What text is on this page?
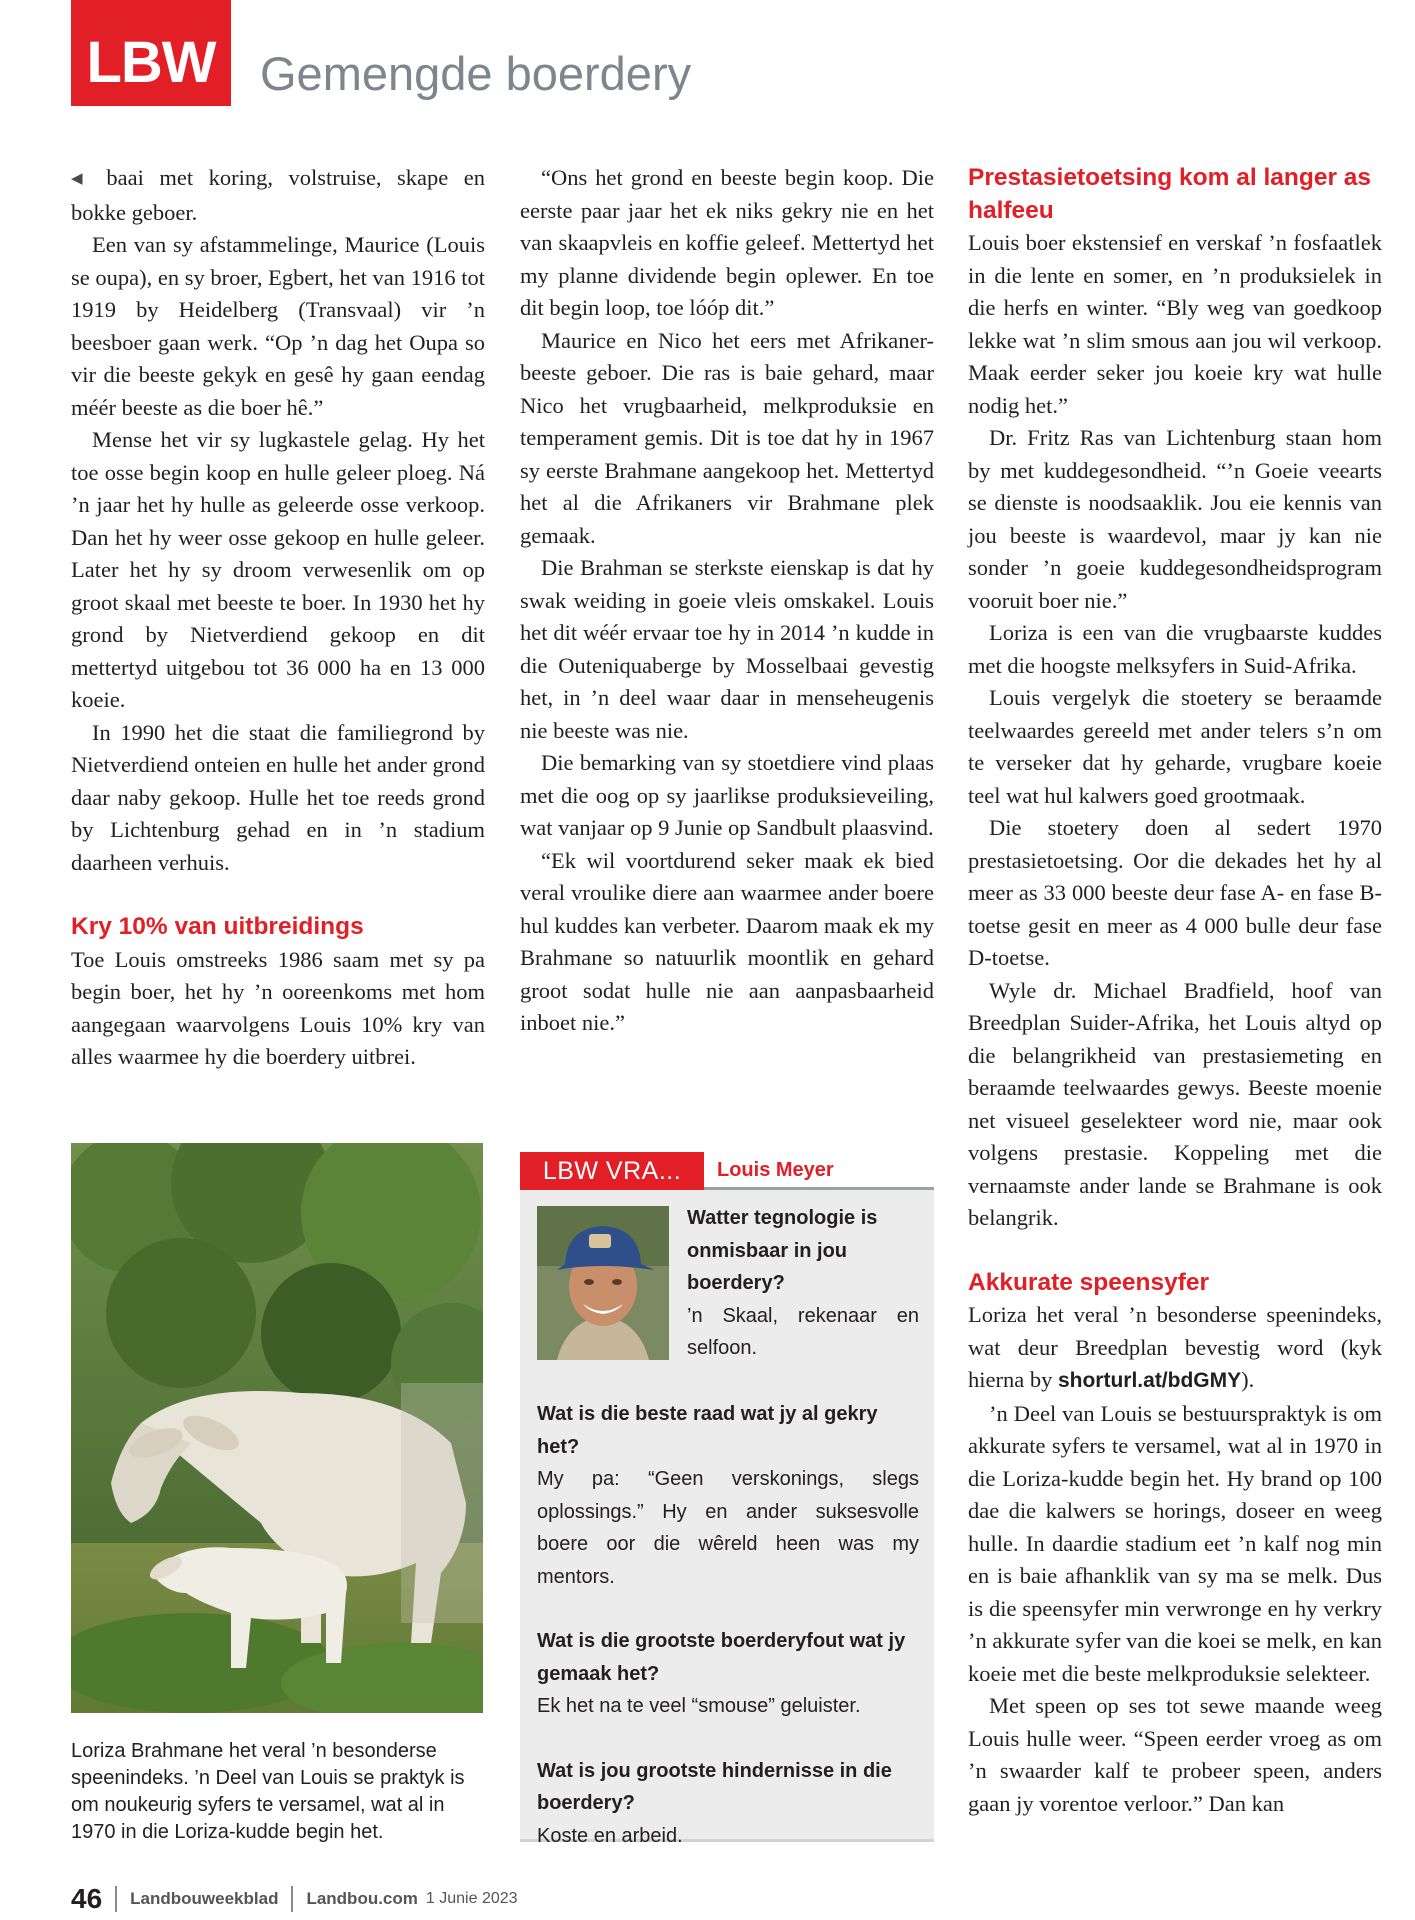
LBW Gemengde boerdery

◀ baai met koring, volstruise, skape en bokke geboer.

Een van sy afstammelinge, Maurice (Louis se oupa), en sy broer, Egbert, het van 1916 tot 1919 by Heidelberg (Transvaal) vir ’n beesboer gaan werk. “Op ’n dag het Oupa so vir die beeste gekyk en gesê hy gaan eendag méér beeste as die boer hê.”

Mense het vir sy lugkastele gelag. Hy het toe osse begin koop en hulle geleer ploeg. Ná ’n jaar het hy hulle as geleerde osse verkoop. Dan het hy weer osse gekoop en hulle geleer. Later het hy sy droom verwesenlik om op groot skaal met beeste te boer. In 1930 het hy grond by Nietverdiend gekoop en dit mettertyd uitgebou tot 36 000 ha en 13 000 koeie.

In 1990 het die staat die familiegrond by Nietverdiend onteien en hulle het ander grond daar naby gekoop. Hulle het toe reeds grond by Lichtenburg gehad en in ’n stadium daarheen verhuis.

Kry 10% van uitbreidings

Toe Louis omstreeks 1986 saam met sy pa begin boer, het hy ’n ooreenkoms met hom aangegaan waarvolgens Louis 10% kry van alles waarmee hy die boerdery uitbrei.

Loriza Brahmane het veral ’n besonderse speenindeks. ’n Deel van Louis se praktyk is om noukeurig syfers te versamel, wat al in 1970 in die Loriza-kudde begin het.

“Ons het grond en beeste begin koop. Die eerste paar jaar het ek niks gekry nie en het van skaapvleis en koffie geleef. Mettertyd het my planne dividende begin oplewer. En toe dit begin loop, toe lóóp dit.”

Maurice en Nico het eers met Afrikaner-beeste geboer. Die ras is baie gehard, maar Nico het vrugbaarheid, melkproduksie en temperament gemis. Dit is toe dat hy in 1967 sy eerste Brahmane aangekoop het. Mettertyd het al die Afrikaners vir Brahmane plek gemaak.

Die Brahman se sterkste eienskap is dat hy swak weiding in goeie vleis omskakel. Louis het dit wéér ervaar toe hy in 2014 ’n kudde in die Outeniquaberge by Mosselbaai gevestig het, in ’n deel waar daar in menseheugenis nie beeste was nie.

Die bemarking van sy stoetdiere vind plaas met die oog op sy jaarlikse produksieveiling, wat vanjaar op 9 Junie op Sandbult plaasvind.

“Ek wil voortdurend seker maak ek bied veral vroulike diere aan waarmee ander boere hul kuddes kan verbeter. Daarom maak ek my Brahmane so natuurlik moontlik en gehard groot sodat hulle nie aan aanpasbaarheid inboet nie.”

LBW VRA...	Louis Meyer
Watter tegnologie is onmisbaar in jou boerdery?
’n Skaal, rekenaar en selfoon.
Wat is die beste raad wat jy al gekry het?
My pa: “Geen verskonings, slegs oplossings.” Hy en ander suksesvolle boere oor die wêreld heen was my mentors.
Wat is die grootste boerderyfout wat jy gemaak het?
Ek het na te veel “smouse” geluister.
Wat is jou grootste hindernisse in die boerdery?
Koste en arbeid.
Prestasietoetsing kom al langer as halfeeu

Louis boer ekstensief en verskaf ’n fosfaatlek in die lente en somer, en ’n produksielek in die herfs en winter. “Bly weg van goedkoop lekke wat ’n slim smous aan jou wil verkoop. Maak eerder seker jou koeie kry wat hulle nodig het.”

Dr. Fritz Ras van Lichtenburg staan hom by met kuddegesondheid. “’n Goeie veearts se dienste is noodsaaklik. Jou eie kennis van jou beeste is waardevol, maar jy kan nie sonder ’n goeie kuddegesondheidsprogram vooruit boer nie.”

Loriza is een van die vrugbaarste kuddes met die hoogste melksyfers in Suid-Afrika.

Louis vergelyk die stoetery se beraamde teelwaardes gereeld met ander telers s’n om te verseker dat hy geharde, vrugbare koeie teel wat hul kalwers goed grootmaak.

Die stoetery doen al sedert 1970 prestasietoetsing. Oor die dekades het hy al meer as 33 000 beeste deur fase A- en fase B-toetse gesit en meer as 4 000 bulle deur fase D-toetse.

Wyle dr. Michael Bradfield, hoof van Breedplan Suider-Afrika, het Louis altyd op die belangrikheid van prestasiemeting en beraamde teelwaardes gewys. Beeste moenie net visueel geselekteer word nie, maar ook volgens prestasie. Koppeling met die vernaamste ander lande se Brahmane is ook belangrik.

Akkurate speensyfer

Loriza het veral ’n besonderse speenindeks, wat deur Breedplan bevestig word (kyk hierna by shorturl.at/bdGMY).

’n Deel van Louis se bestuurspraktyk is om akkurate syfers te versamel, wat al in 1970 in die Loriza-kudde begin het. Hy brand op 100 dae die kalwers se horings, doseer en weeg hulle. In daardie stadium eet ’n kalf nog min en is baie afhanklik van sy ma se melk. Dus is die speensyfer min verwronge en hy verkry ’n akkurate syfer van die koei se melk, en kan koeie met die beste melkproduksie selekteer.

Met speen op ses tot sewe maande weeg Louis hulle weer. “Speen eerder vroeg as om ’n swaarder kalf te probeer speen, anders gaan jy vorentoe verloor.” Dan kan

46 Landbouweekblad Landbou.com 1 Junie 2023
